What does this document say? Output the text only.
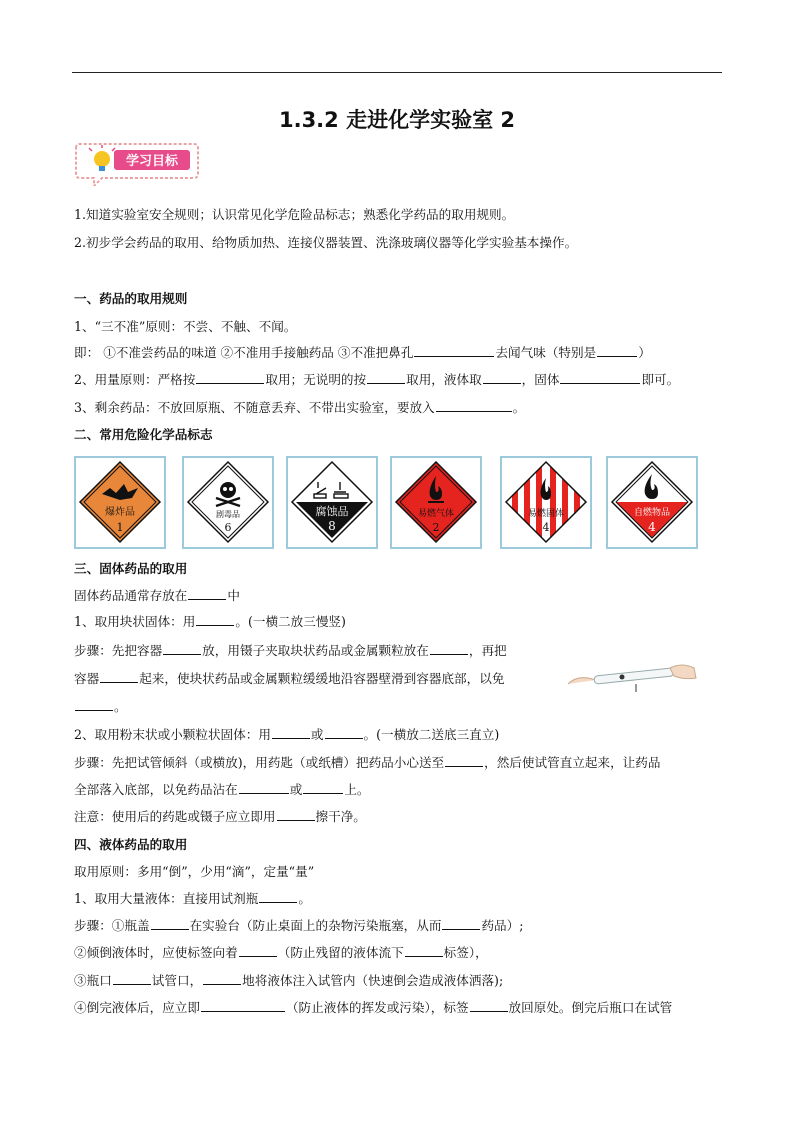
1.3.2 走进化学实验室 2
学习目标
1.知道实验室安全规则；认识常见化学危险品标志；熟悉化学药品的取用规则。
2.初步学会药品的取用、给物质加热、连接仪器装置、洗涤玻璃仪器等化学实验基本操作。
一、药品的取用规则
1、“三不准”原则：不尝、不触、不闻。
即： ①不准尝药品的味道 ②不准用手接触药品 ③不准把鼻孔	去闻气味（特别是	）
2、用量原则：严格按	取用；无说明的按	取用，液体取	，固体	即可。
3、剩余药品：不放回原瓶、不随意丢弃、不带出实验室，要放入	。
二、常用危险化学品标志
爆炸品
1
剧毒品
6
腐蚀品
8
易燃气体
2
易燃固体
4
自燃物品
4
三、固体药品的取用
固体药品通常存放在	中
1、取用块状固体：用	。(一横二放三慢竖)
步骤：先把容器	放，用镊子夹取块状药品或金属颗粒放在	，再把
容器	起来，使块状药品或金属颗粒缓缓地沿容器壁滑到容器底部，以免
。
2、取用粉末状或小颗粒状固体：用	或	。(一横放二送底三直立)
步骤：先把试管倾斜（或横放)，用药匙（或纸槽）把药品小心送至	，然后使试管直立起来，让药品
全部落入底部，以免药品沾在	或	上。
注意：使用后的药匙或镊子应立即用	擦干净。
四、液体药品的取用
取用原则：多用“倒”，少用“滴”，定量“量”
1、取用大量液体：直接用试剂瓶	。
步骤：①瓶盖	在实验台（防止桌面上的杂物污染瓶塞，从而	药品）;
②倾倒液体时，应使标签向着	（防止残留的液体流下	标签），
③瓶口	试管口，	地将液体注入试管内（快速倒会造成液体洒落);
④倒完液体后，应立即	（防止液体的挥发或污染），标签	放回原处。倒完后瓶口在试管
